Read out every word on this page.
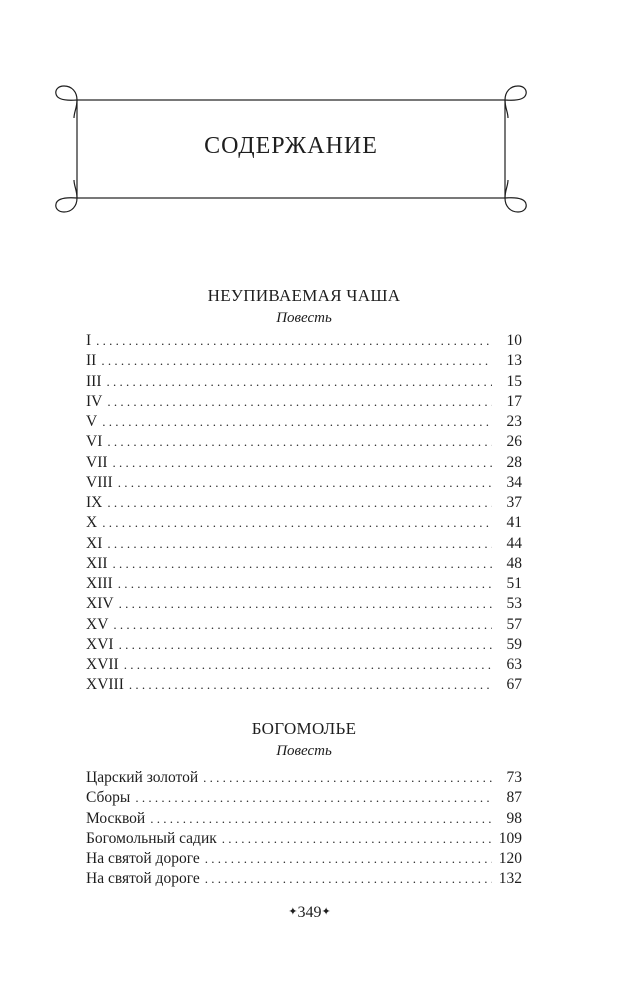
СОДЕРЖАНИЕ
НЕУПИВАЕМАЯ ЧАША
Повесть
I . . .	10
II . . .	13
III . . .	15
IV . . .	17
V . . .	23
VI . . .	26
VII . . .	28
VIII . . .	34
IX . . .	37
X . . .	41
XI . . .	44
XII . . .	48
XIII . . .	51
XIV . . .	53
XV . . .	57
XVI . . .	59
XVII . . .	63
XVIII . . .	67
БОГОМОЛЬЕ
Повесть
Царский золотой . . .	73
Сборы . . .	87
Москвой . . .	98
Богомольный садик . . .	109
На святой дороге . . .	120
На святой дороге . . .	132
✦349✦
